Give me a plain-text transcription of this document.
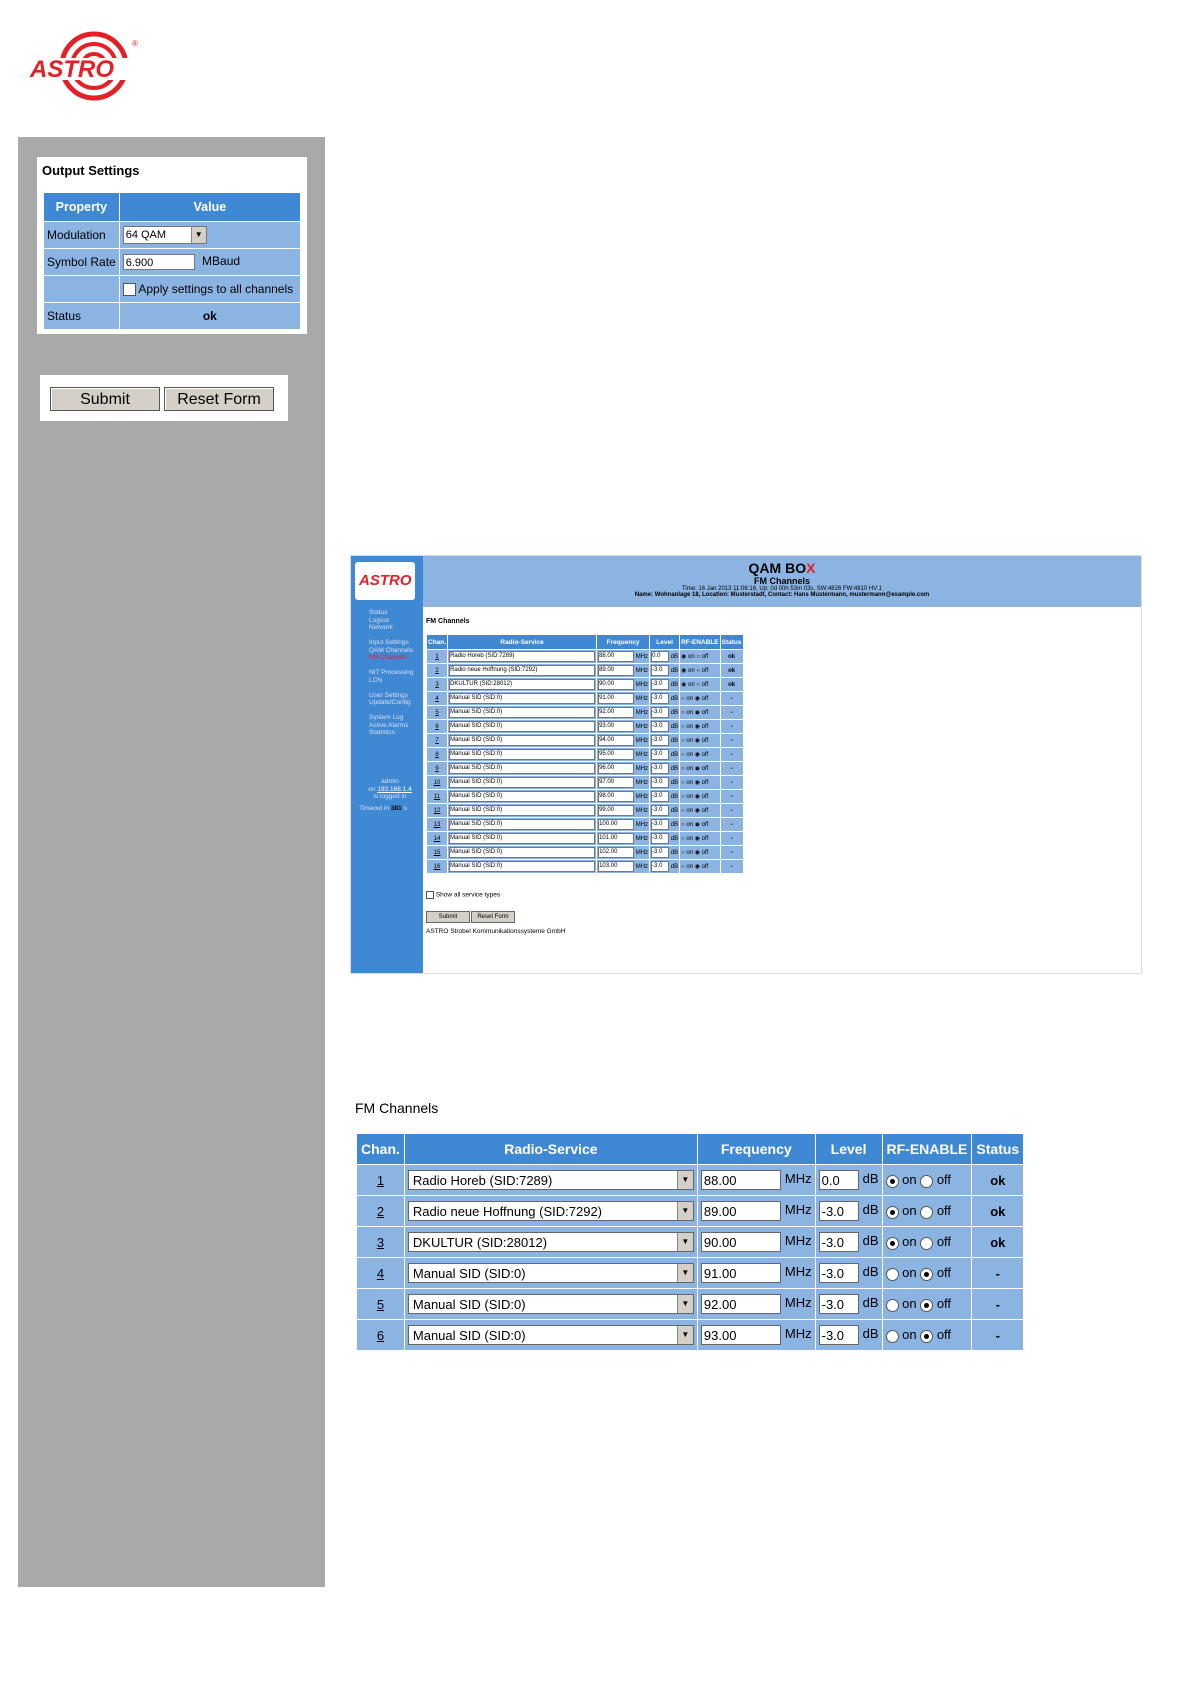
ASTRO
®
Output Settings
Property	Value
Modulation	64 QAM ▼

Symbol Rate	6.900 MBaud
	Apply settings to all channels
Status	ok
Submit	Reset Form
ASTRO
Status
Logout
Network

Input Settings
QAM Channels
FM Channels

NIT Processing
LCN

User Settings
Update/Config

System Log
Active Alarms
Statistics
admin
on 192.168.1.4
is logged in
Timeout in 381 s
QAM BOX
FM Channels
Time: 16 Jan 2013 11:06:16, Up: 0d 00h 53m 03s, SW:4826 FW:4810 HV:1
Name: Wohnanlage 18, Location: Musterstadt, Contact: Hans Mustermann, mustermann@example.com
FM Channels
Chan.	Radio-Service	Frequency	Level	RF-ENABLE	Status
1	Radio Horeb (SID:7289)	88.00 MHz	0.0 dB	◉ on ○ off	ok
2	Radio neue Hoffnung (SID:7292)	89.00 MHz	-3.0 dB	◉ on ○ off	ok
3	DKULTUR (SID:28012)	90.00 MHz	-3.0 dB	◉ on ○ off	ok
4	Manual SID (SID:0)	91.00 MHz	-3.0 dB	○ on ◉ off	-
5	Manual SID (SID:0)	92.00 MHz	-3.0 dB	○ on ◉ off	-
6	Manual SID (SID:0)	93.00 MHz	-3.0 dB	○ on ◉ off	-
7	Manual SID (SID:0)	94.00 MHz	-3.0 dB	○ on ◉ off	-
8	Manual SID (SID:0)	95.00 MHz	-3.0 dB	○ on ◉ off	-
9	Manual SID (SID:0)	96.00 MHz	-3.0 dB	○ on ◉ off	-
10	Manual SID (SID:0)	97.00 MHz	-3.0 dB	○ on ◉ off	-
11	Manual SID (SID:0)	98.00 MHz	-3.0 dB	○ on ◉ off	-
12	Manual SID (SID:0)	99.00 MHz	-3.0 dB	○ on ◉ off	-
13	Manual SID (SID:0)	100.00 MHz	-3.0 dB	○ on ◉ off	-
14	Manual SID (SID:0)	101.00 MHz	-3.0 dB	○ on ◉ off	-
15	Manual SID (SID:0)	102.00 MHz	-3.0 dB	○ on ◉ off	-
16	Manual SID (SID:0)	103.00 MHz	-3.0 dB	○ on ◉ off	-
Show all service types
Submit	Reset Form
ASTRO Strobel Kommunikationssysteme GmbH
FM Channels
Chan.	Radio-Service	Frequency	Level	RF-ENABLE	Status
1	Radio Horeb (SID:7289) ▼	88.00 MHz	0.0 dB	on  off	ok
2	Radio neue Hoffnung (SID:7292) ▼	89.00 MHz	-3.0 dB	on  off	ok
3	DKULTUR (SID:28012) ▼	90.00 MHz	-3.0 dB	on  off	ok
4	Manual SID (SID:0) ▼	91.00 MHz	-3.0 dB	on  off	-
5	Manual SID (SID:0) ▼	92.00 MHz	-3.0 dB	on  off	-
6	Manual SID (SID:0) ▼	93.00 MHz	-3.0 dB	on  off	-
